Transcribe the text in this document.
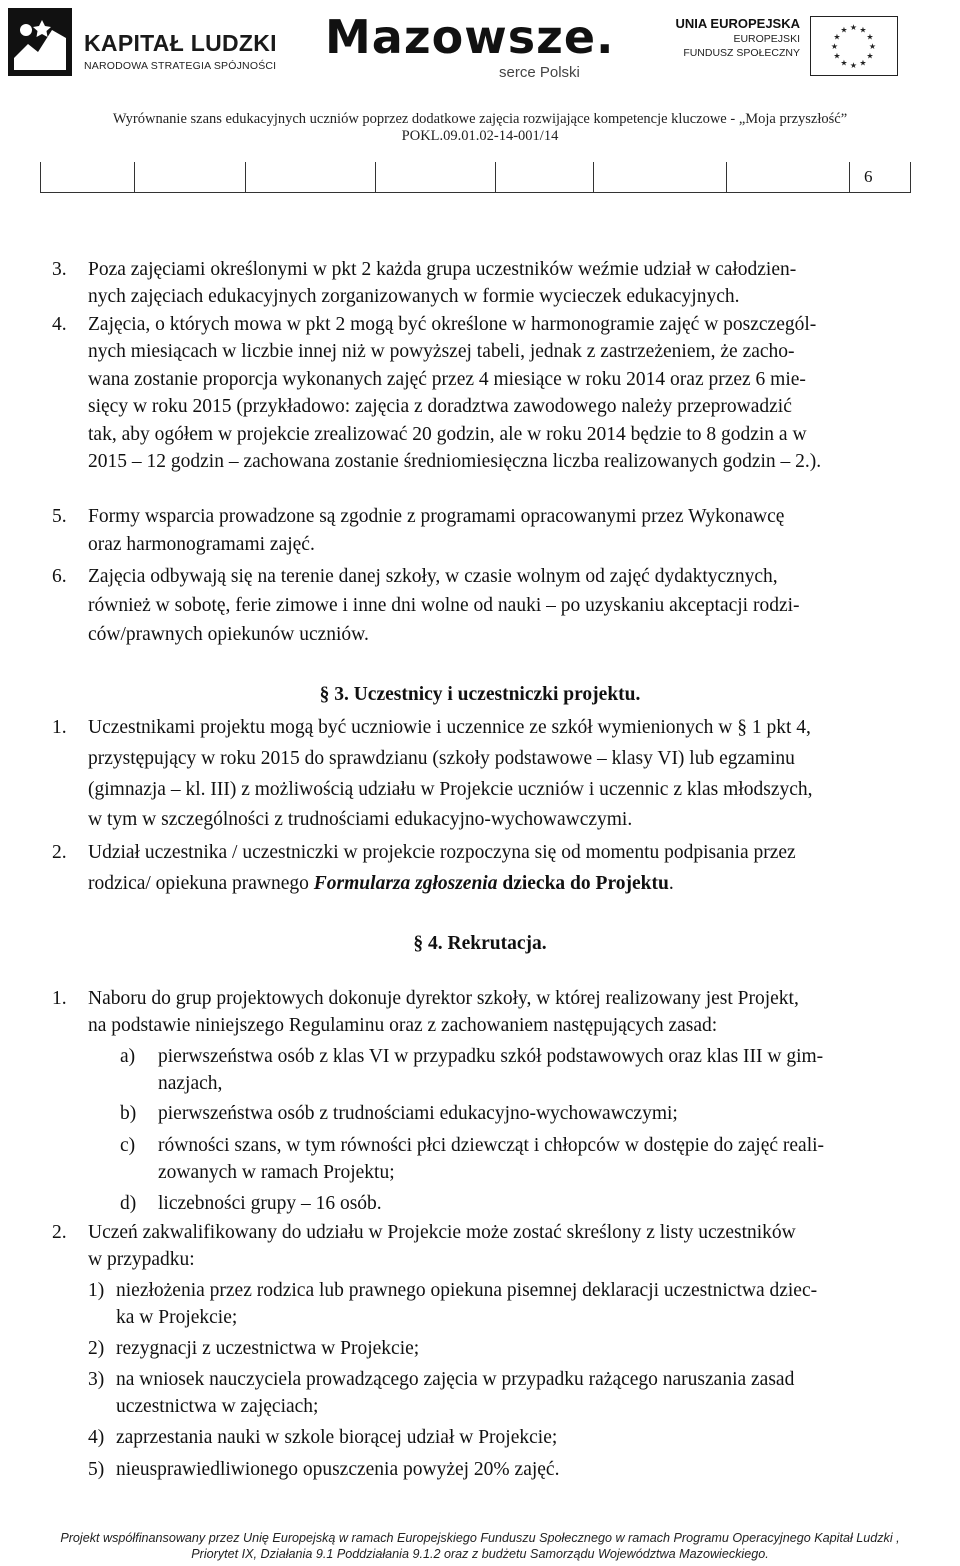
KAPITAŁ LUDZKI
NARODOWA STRATEGIA SPÓJNOŚCI
Mazowsze.
serce Polski
UNIA EUROPEJSKA
EUROPEJSKI
FUNDUSZ SPOŁECZNY
★ ★
★
★
★
★
★
★
★
★
★
★
Wyrównanie szans edukacyjnych uczniów poprzez dodatkowe zajęcia rozwijające kompetencje kluczowe - „Moja przyszłość”
POKL.09.01.02-14-001/14
							6
3. Poza zajęciami określonymi w pkt 2 każda grupa uczestników weźmie udział w całodzien-
nych zajęciach edukacyjnych zorganizowanych w formie wycieczek edukacyjnych.
4. Zajęcia, o których mowa w pkt 2 mogą być określone w harmonogramie zajęć w poszczegól-
nych miesiącach w liczbie innej niż w powyższej tabeli, jednak z zastrzeżeniem, że zacho-
wana zostanie proporcja wykonanych zajęć przez 4 miesiące w roku 2014 oraz przez 6 mie-
sięcy w roku 2015 (przykładowo: zajęcia z doradztwa zawodowego należy przeprowadzić
tak, aby ogółem w projekcie zrealizować 20 godzin, ale w roku 2014 będzie to 8 godzin a w
2015 – 12 godzin – zachowana zostanie średniomiesięczna liczba realizowanych godzin – 2.).
5. Formy wsparcia prowadzone są zgodnie z programami opracowanymi przez Wykonawcę
oraz harmonogramami zajęć.
6. Zajęcia odbywają się na terenie danej szkoły, w czasie wolnym od zajęć dydaktycznych,
również w sobotę, ferie zimowe i inne dni wolne od nauki – po uzyskaniu akceptacji rodzi-
ców/prawnych opiekunów uczniów.
§ 3. Uczestnicy i uczestniczki projektu.
1. Uczestnikami projektu mogą być uczniowie i uczennice ze szkół wymienionych w § 1 pkt 4,
przystępujący w roku 2015 do sprawdzianu (szkoły podstawowe – klasy VI) lub egzaminu
(gimnazja – kl. III) z możliwością udziału w Projekcie uczniów i uczennic z klas młodszych,
w tym w szczególności z trudnościami edukacyjno-wychowawczymi.
2. Udział uczestnika / uczestniczki w projekcie rozpoczyna się od momentu podpisania przez
rodzica/ opiekuna prawnego Formularza zgłoszenia dziecka do Projektu.
§ 4. Rekrutacja.
1. Naboru do grup projektowych dokonuje dyrektor szkoły, w której realizowany jest Projekt,
na podstawie niniejszego Regulaminu oraz z zachowaniem następujących zasad:
a) pierwszeństwa osób z klas VI w przypadku szkół podstawowych oraz klas III w gim-
nazjach,
b) pierwszeństwa osób z trudnościami edukacyjno-wychowawczymi;
c) równości szans, w tym równości płci dziewcząt i chłopców w dostępie do zajęć reali-
zowanych w ramach Projektu;
d) liczebności grupy – 16 osób.
2. Uczeń zakwalifikowany do udziału w Projekcie może zostać skreślony z listy uczestników
w przypadku:
1) niezłożenia przez rodzica lub prawnego opiekuna pisemnej deklaracji uczestnictwa dziec-
ka w Projekcie;
2) rezygnacji z uczestnictwa w Projekcie;
3) na wniosek nauczyciela prowadzącego zajęcia w przypadku rażącego naruszania zasad
uczestnictwa w zajęciach;
4) zaprzestania nauki w szkole biorącej udział w Projekcie;
5) nieusprawiedliwionego opuszczenia powyżej 20% zajęć.
Projekt współfinansowany przez Unię Europejską w ramach Europejskiego Funduszu Społecznego w ramach Programu Operacyjnego Kapitał Ludzki ,
Priorytet IX, Działania 9.1 Poddziałania 9.1.2 oraz z budżetu Samorządu Województwa Mazowieckiego.
